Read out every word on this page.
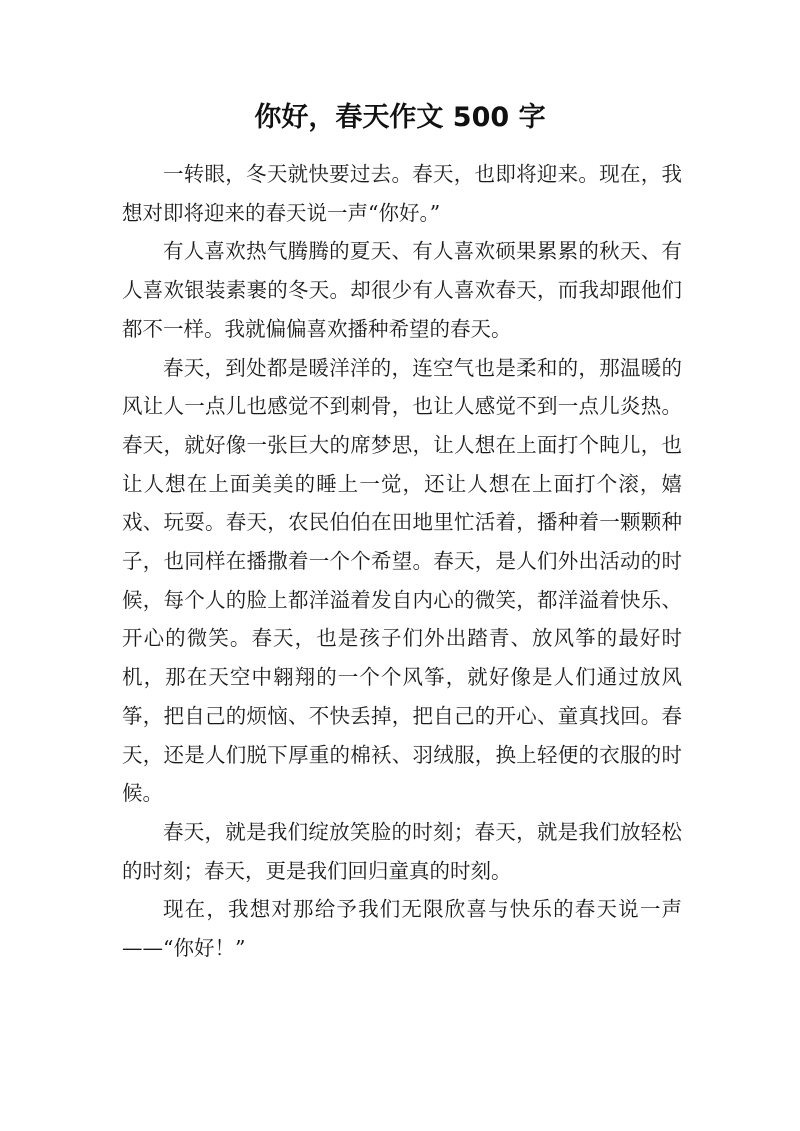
你好，春天作文 500 字

一转眼，冬天就快要过去。春天，也即将迎来。现在，我想对即将迎来的春天说一声“你好。”

有人喜欢热气腾腾的夏天、有人喜欢硕果累累的秋天、有人喜欢银装素裹的冬天。却很少有人喜欢春天，而我却跟他们都不一样。我就偏偏喜欢播种希望的春天。

春天，到处都是暖洋洋的，连空气也是柔和的，那温暖的风让人一点儿也感觉不到刺骨，也让人感觉不到一点儿炎热。春天，就好像一张巨大的席梦思，让人想在上面打个盹儿，也让人想在上面美美的睡上一觉，还让人想在上面打个滚，嬉戏、玩耍。春天，农民伯伯在田地里忙活着，播种着一颗颗种子，也同样在播撒着一个个希望。春天，是人们外出活动的时候，每个人的脸上都洋溢着发自内心的微笑，都洋溢着快乐、开心的微笑。春天，也是孩子们外出踏青、放风筝的最好时机，那在天空中翱翔的一个个风筝，就好像是人们通过放风筝，把自己的烦恼、不快丢掉，把自己的开心、童真找回。春天，还是人们脱下厚重的棉袄、羽绒服，换上轻便的衣服的时候。

春天，就是我们绽放笑脸的时刻；春天，就是我们放轻松的时刻；春天，更是我们回归童真的时刻。

现在，我想对那给予我们无限欣喜与快乐的春天说一声——“你好！”
